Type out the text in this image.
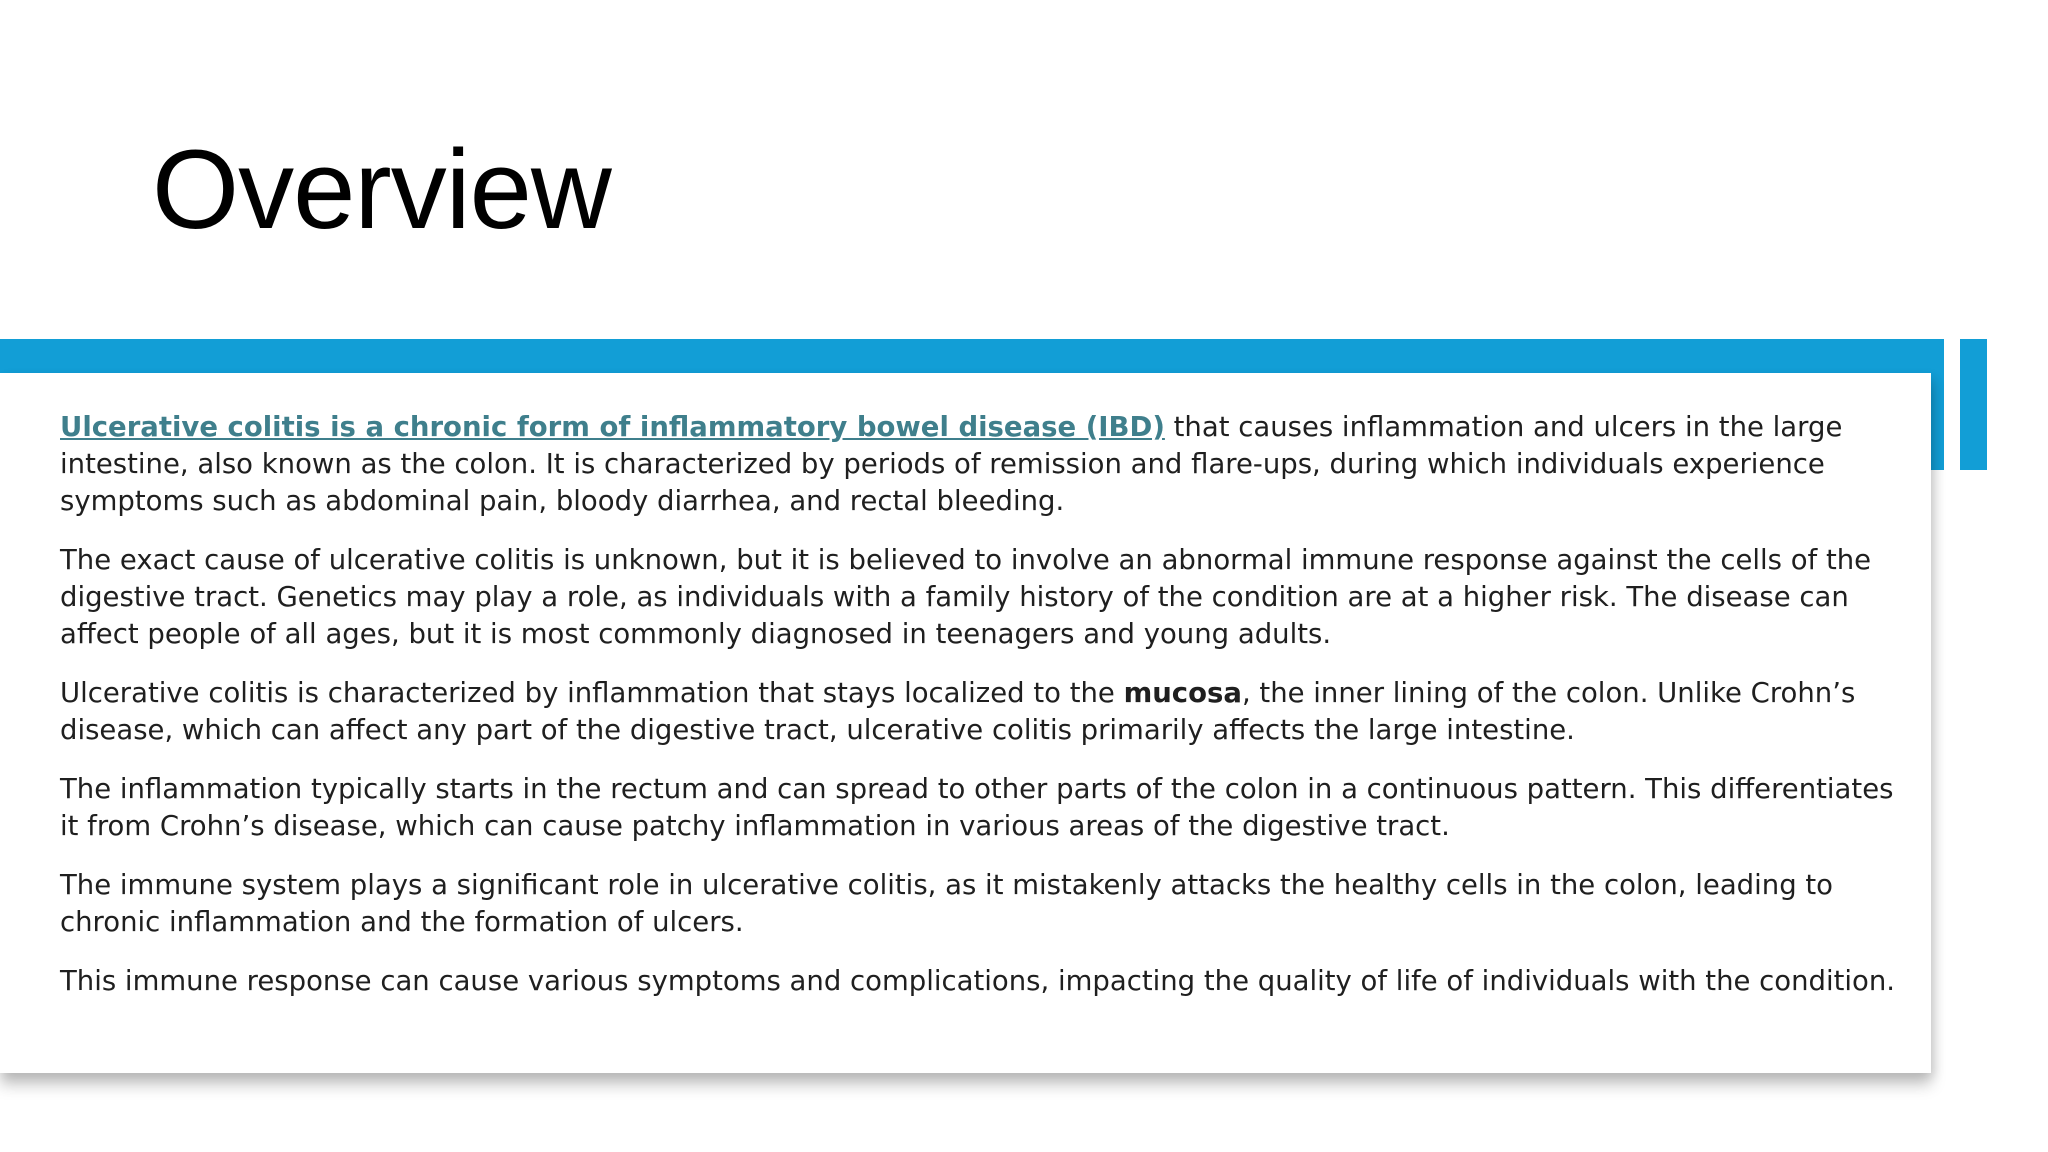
Overview

Ulcerative colitis is a chronic form of inflammatory bowel disease (IBD) that causes inflammation and ulcers in the large intestine, also known as the colon. It is characterized by periods of remission and flare-ups, during which individuals experience symptoms such as abdominal pain, bloody diarrhea, and rectal bleeding.

The exact cause of ulcerative colitis is unknown, but it is believed to involve an abnormal immune response against the cells of the digestive tract. Genetics may play a role, as individuals with a family history of the condition are at a higher risk. The disease can affect people of all ages, but it is most commonly diagnosed in teenagers and young adults.

Ulcerative colitis is characterized by inflammation that stays localized to the mucosa, the inner lining of the colon. Unlike Crohn’s disease, which can affect any part of the digestive tract, ulcerative colitis primarily affects the large intestine.

The inflammation typically starts in the rectum and can spread to other parts of the colon in a continuous pattern. This differentiates it from Crohn’s disease, which can cause patchy inflammation in various areas of the digestive tract.

The immune system plays a significant role in ulcerative colitis, as it mistakenly attacks the healthy cells in the colon, leading to chronic inflammation and the formation of ulcers.

This immune response can cause various symptoms and complications, impacting the quality of life of individuals with the condition.
